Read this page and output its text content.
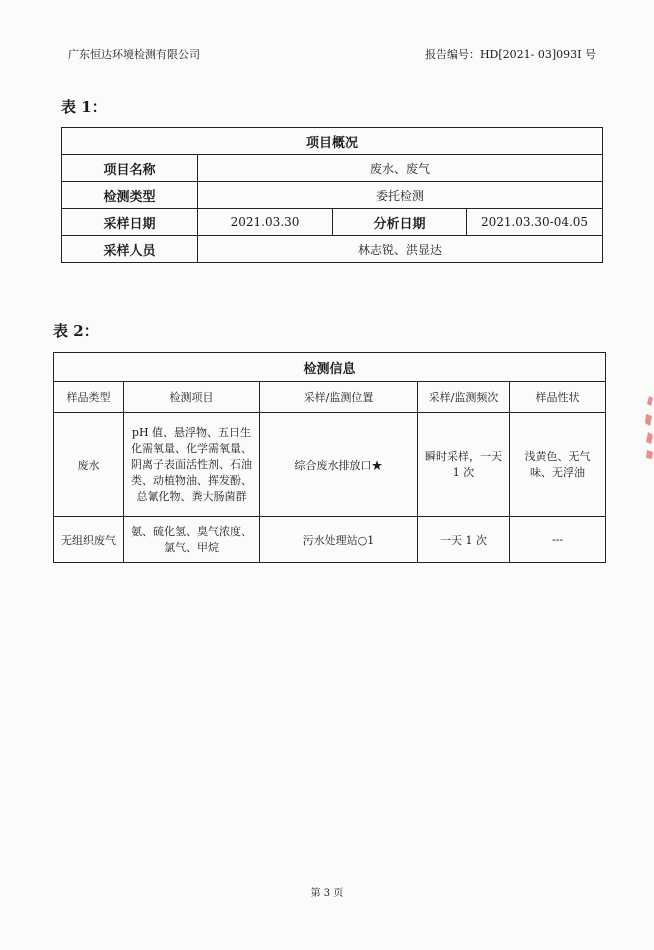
广东恒达环境检测有限公司	报告编号：HD[2021- 03]093I 号
表 1：
项目概况			
项目名称	废水、废气		
检测类型	委托检测		
采样日期	2021.03.30	分析日期	2021.03.30-04.05
采样人员	林志锐、洪显达		
表 2：
检测信息				
样品类型	检测项目	采样/监测位置	采样/监测频次	样品性状
废水	pH 值、悬浮物、五日生化需氧量、化学需氧量、阴离子表面活性剂、石油类、动植物油、挥发酚、总氰化物、粪大肠菌群	综合废水排放口★	瞬时采样，一天 1 次	浅黄色、无气味、无浮油
无组织废气	氨、硫化氢、臭气浓度、氯气、甲烷	污水处理站○1	一天 1 次	---
第 3 页
